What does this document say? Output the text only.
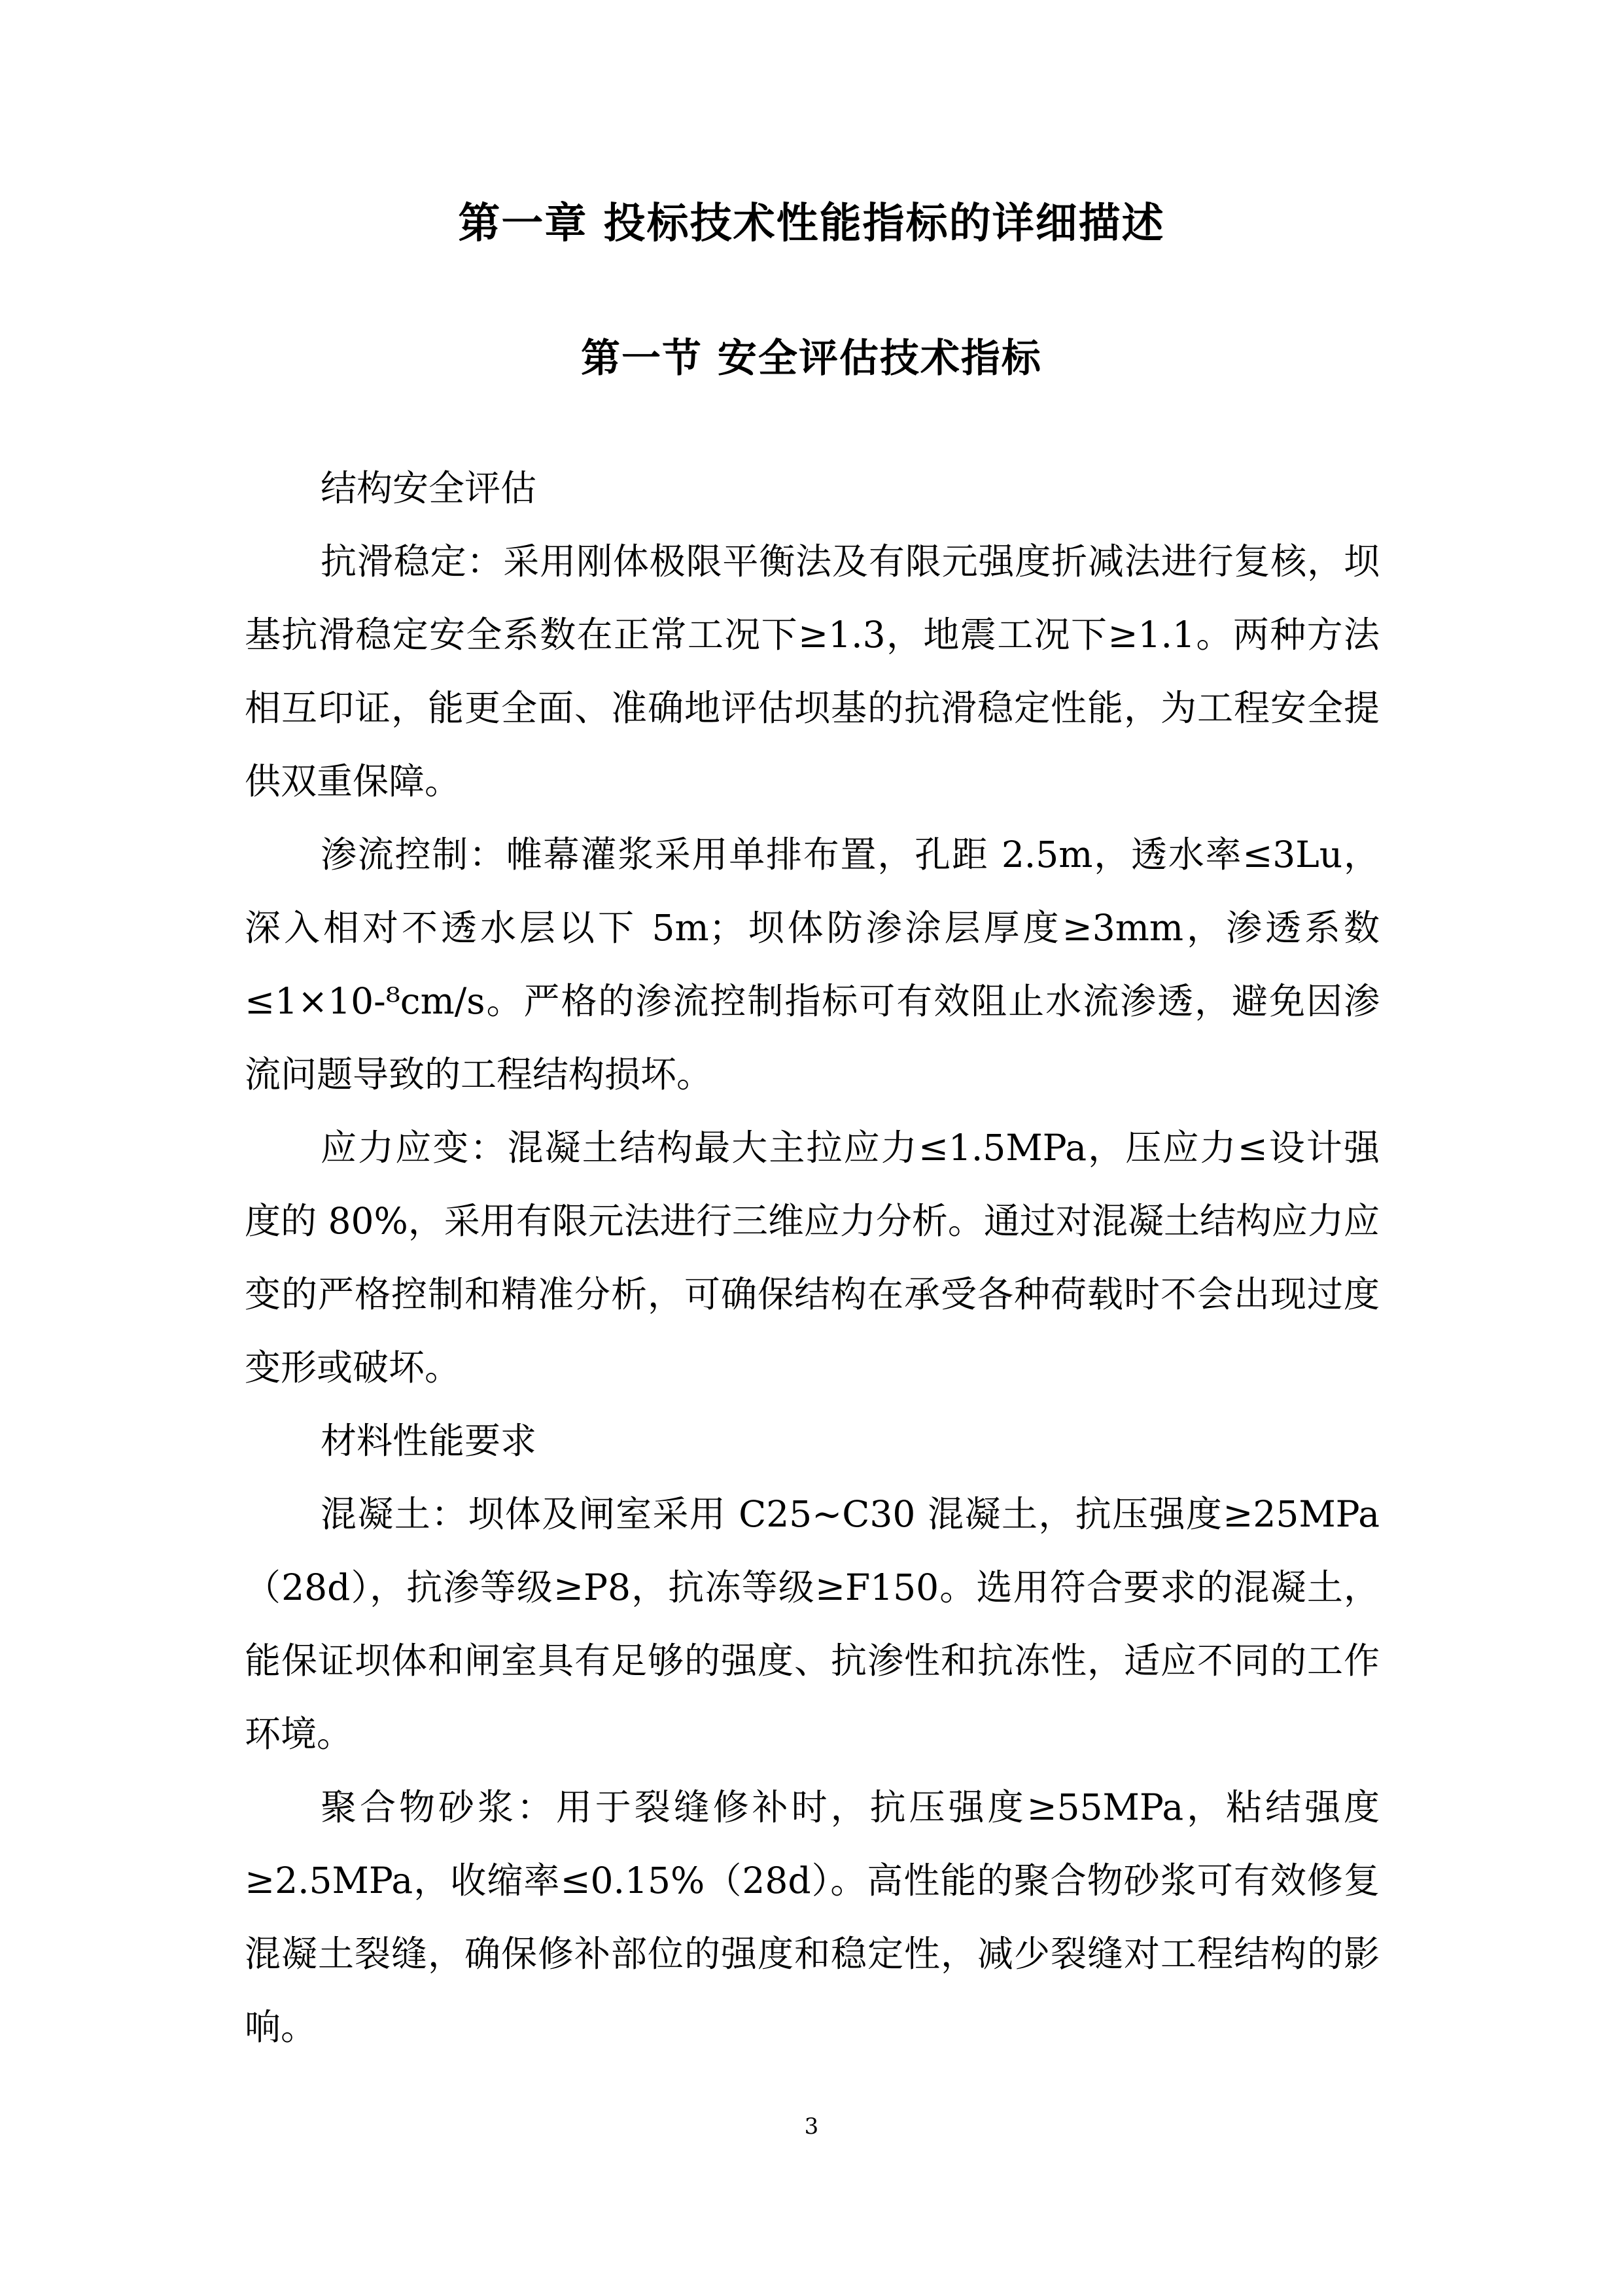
第一章 投标技术性能指标的详细描述
第一节 安全评估技术指标

结构安全评估

抗滑稳定：采用刚体极限平衡法及有限元强度折减法进行复核，坝基抗滑稳定安全系数在正常工况下≥1.3，地震工况下≥1.1。两种方法相互印证，能更全面、准确地评估坝基的抗滑稳定性能，为工程安全提供双重保障。

渗流控制：帷幕灌浆采用单排布置，孔距 2.5m，透水率≤3Lu，深入相对不透水层以下 5m；坝体防渗涂层厚度≥3mm，渗透系数≤1×10-⁸cm/s。严格的渗流控制指标可有效阻止水流渗透，避免因渗流问题导致的工程结构损坏。

应力应变：混凝土结构最大主拉应力≤1.5MPa，压应力≤设计强度的 80%，采用有限元法进行三维应力分析。通过对混凝土结构应力应变的严格控制和精准分析，可确保结构在承受各种荷载时不会出现过度变形或破坏。

材料性能要求

混凝土：坝体及闸室采用 C25~C30 混凝土，抗压强度≥25MPa（28d），抗渗等级≥P8，抗冻等级≥F150。选用符合要求的混凝土，能保证坝体和闸室具有足够的强度、抗渗性和抗冻性，适应不同的工作环境。

聚合物砂浆：用于裂缝修补时，抗压强度≥55MPa，粘结强度≥2.5MPa，收缩率≤0.15%（28d）。高性能的聚合物砂浆可有效修复混凝土裂缝，确保修补部位的强度和稳定性，减少裂缝对工程结构的影响。

3
